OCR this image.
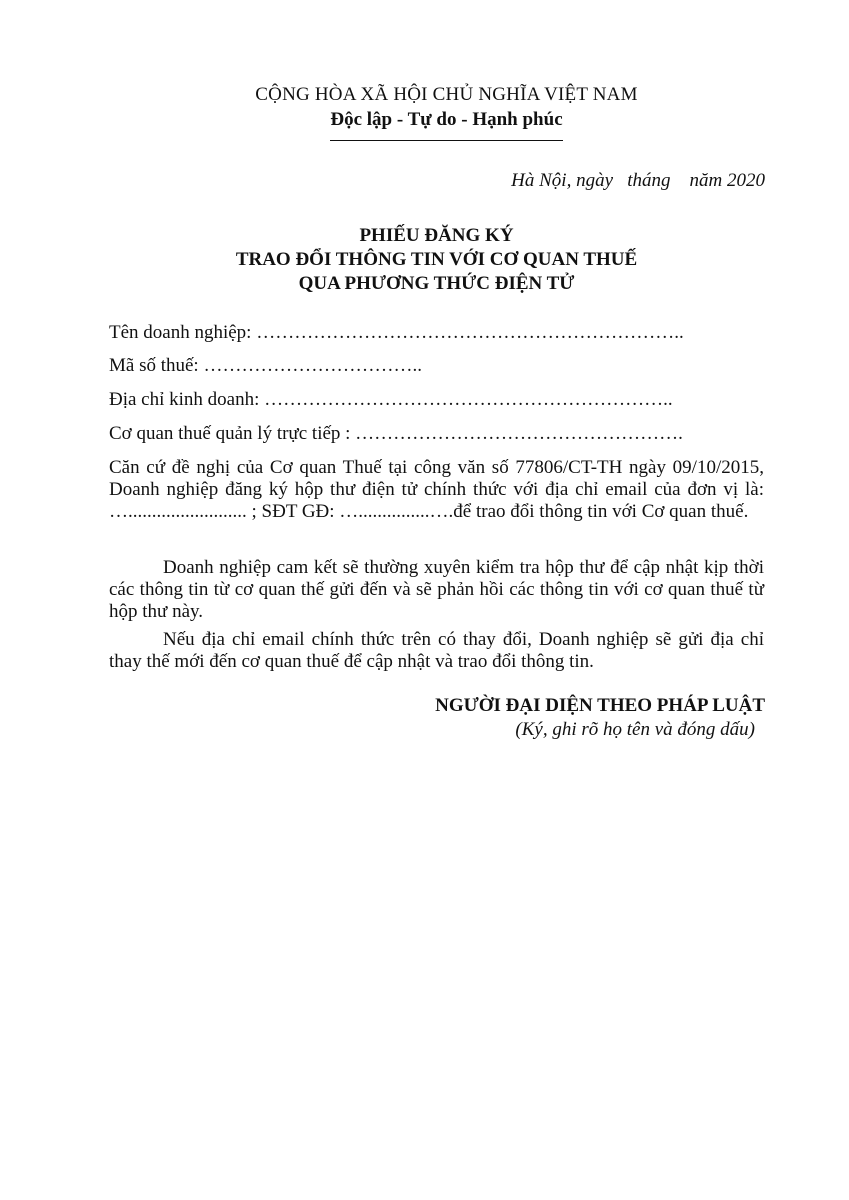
CỘNG HÒA XÃ HỘI CHỦ NGHĨA VIỆT NAM

Độc lập - Tự do - Hạnh phúc

Hà Nội, ngày   tháng    năm 2020

PHIẾU ĐĂNG KÝ

TRAO ĐỔI THÔNG TIN VỚI CƠ QUAN THUẾ

QUA PHƯƠNG THỨC ĐIỆN TỬ

Tên doanh nghiệp: …………………………………………………………..
Mã số thuế: ……………………………..
Địa chỉ kinh doanh: ………………………………………………………..
Cơ quan thuế quản lý trực tiếp : …………………………………………….
Căn cứ đề nghị của Cơ quan Thuế tại công văn số 77806/CT-TH ngày 09/10/2015, Doanh nghiệp đăng ký hộp thư điện tử chính thức với địa chỉ email của đơn vị là: …......................... ; SĐT GĐ: …...............….để trao đổi thông tin với Cơ quan thuế.
Doanh nghiệp cam kết sẽ thường xuyên kiểm tra hộp thư để cập nhật kịp thời các thông tin từ cơ quan thế gửi đến và sẽ phản hồi các thông tin với cơ quan thuế từ hộp thư này.
Nếu địa chỉ email chính thức trên có thay đổi, Doanh nghiệp sẽ gửi địa chỉ thay thế mới đến cơ quan thuế để cập nhật và trao đổi thông tin.

NGƯỜI ĐẠI DIỆN THEO PHÁP LUẬT

(Ký, ghi rõ họ tên và đóng dấu)
